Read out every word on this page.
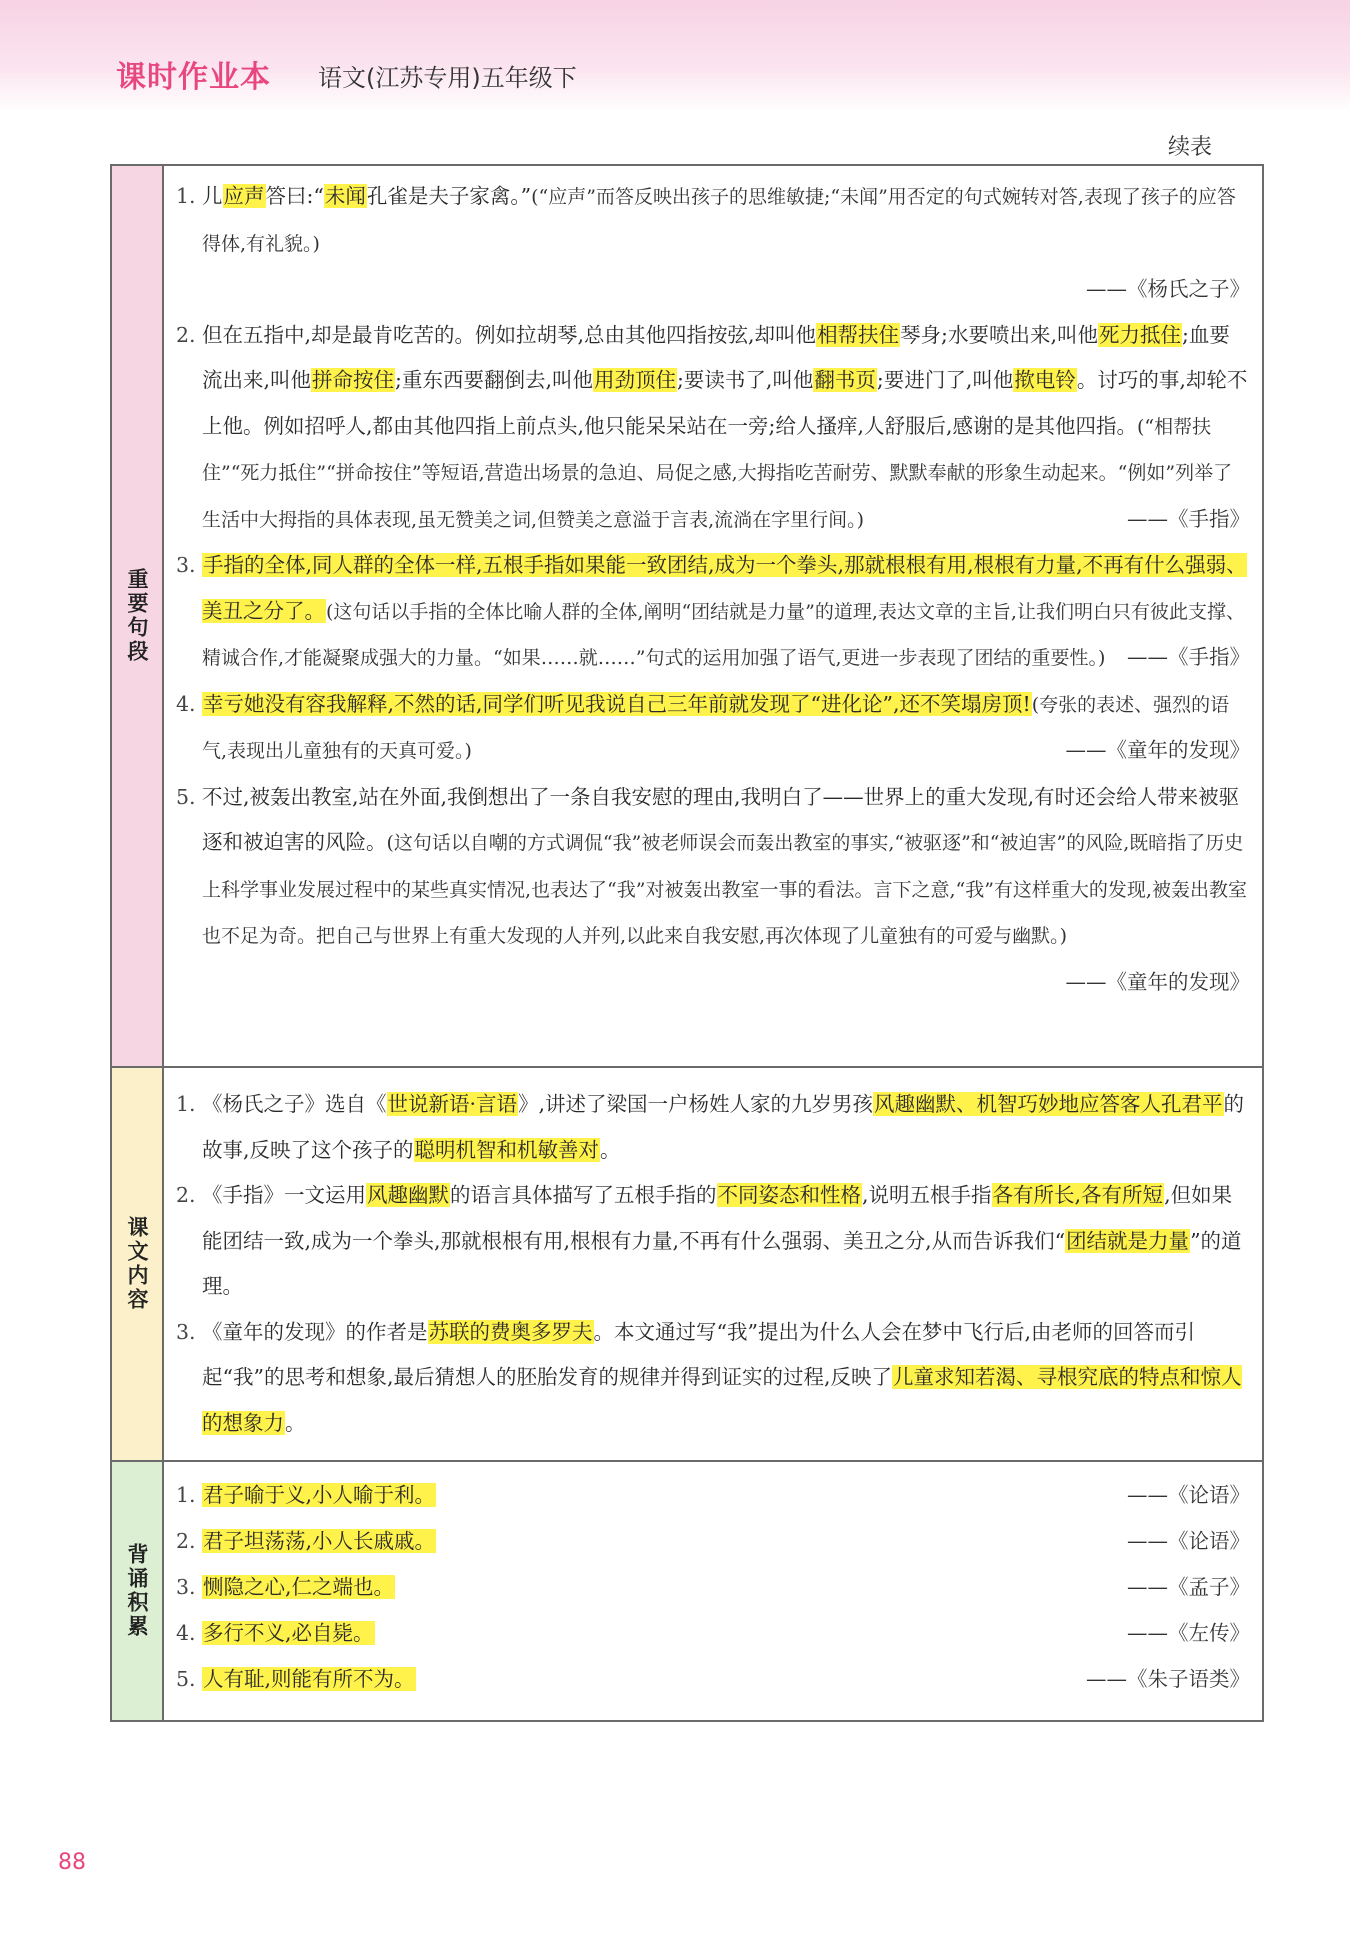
课时作业本 语文(江苏专用)五年级下
续表
重要句段
1. 儿应声答曰:“未闻孔雀是夫子家禽。”(“应声”而答反映出孩子的思维敏捷;“未闻”用否定的句式婉转对答,表现了孩子的应答得体,有礼貌。)
——《杨氏之子》
2. 但在五指中,却是最肯吃苦的。例如拉胡琴,总由其他四指按弦,却叫他相帮扶住琴身;水要喷出来,叫他死力抵住;血要流出来,叫他拼命按住;重东西要翻倒去,叫他用劲顶住;要读书了,叫他翻书页;要进门了,叫他揿电铃。讨巧的事,却轮不上他。例如招呼人,都由其他四指上前点头,他只能呆呆站在一旁;给人搔痒,人舒服后,感谢的是其他四指。(“相帮扶住”“死力抵住”“拼命按住”等短语,营造出场景的急迫、局促之感,大拇指吃苦耐劳、默默奉献的形象生动起来。“例如”列举了生活中大拇指的具体表现,虽无赞美之词,但赞美之意溢于言表,流淌在字里行间。)	——《手指》
3. 手指的全体,同人群的全体一样,五根手指如果能一致团结,成为一个拳头,那就根根有用,根根有力量,不再有什么强弱、美丑之分了。(这句话以手指的全体比喻人群的全体,阐明“团结就是力量”的道理,表达文章的主旨,让我们明白只有彼此支撑、精诚合作,才能凝聚成强大的力量。“如果……就……”句式的运用加强了语气,更进一步表现了团结的重要性。) ——《手指》
4. 幸亏她没有容我解释,不然的话,同学们听见我说自己三年前就发现了“进化论”,还不笑塌房顶!(夸张的表述、强烈的语气,表现出儿童独有的天真可爱。)	——《童年的发现》
5. 不过,被轰出教室,站在外面,我倒想出了一条自我安慰的理由,我明白了——世界上的重大发现,有时还会给人带来被驱逐和被迫害的风险。(这句话以自嘲的方式调侃“我”被老师误会而轰出教室的事实,“被驱逐”和“被迫害”的风险,既暗指了历史上科学事业发展过程中的某些真实情况,也表达了“我”对被轰出教室一事的看法。言下之意,“我”有这样重大的发现,被轰出教室也不足为奇。把自己与世界上有重大发现的人并列,以此来自我安慰,再次体现了儿童独有的可爱与幽默。)
——《童年的发现》
课文内容
1. 《杨氏之子》选自《世说新语·言语》,讲述了梁国一户杨姓人家的九岁男孩风趣幽默、机智巧妙地应答客人孔君平的故事,反映了这个孩子的聪明机智和机敏善对。
2. 《手指》一文运用风趣幽默的语言具体描写了五根手指的不同姿态和性格,说明五根手指各有所长,各有所短,但如果能团结一致,成为一个拳头,那就根根有用,根根有力量,不再有什么强弱、美丑之分,从而告诉我们“团结就是力量”的道理。
3. 《童年的发现》的作者是苏联的费奥多罗夫。本文通过写“我”提出为什么人会在梦中飞行后,由老师的回答而引起“我”的思考和想象,最后猜想人的胚胎发育的规律并得到证实的过程,反映了儿童求知若渴、寻根究底的特点和惊人的想象力。
背诵积累
1. 君子喻于义,小人喻于利。	——《论语》
2. 君子坦荡荡,小人长戚戚。	——《论语》
3. 恻隐之心,仁之端也。	——《孟子》
4. 多行不义,必自毙。	——《左传》
5. 人有耻,则能有所不为。	——《朱子语类》
88
